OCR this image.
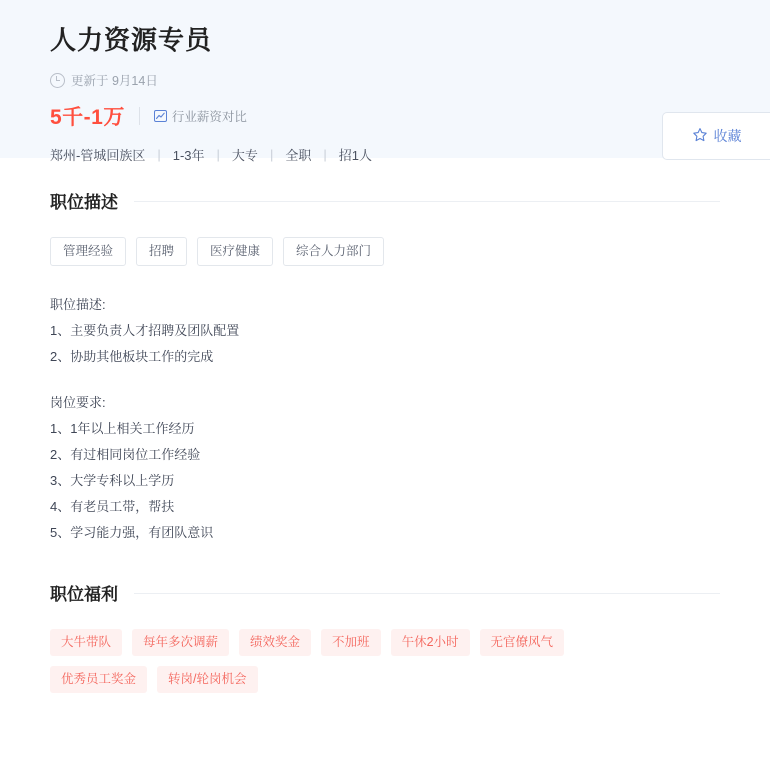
人力资源专员
更新于 9月14日
5千-1万	行业薪资对比
郑州-管城回族区 | 1-3年 | 大专 | 全职 | 招1人
收藏
职位描述
管理经验	招聘	医疗健康	综合人力部门

职位描述:

1、主要负责人才招聘及团队配置

2、协助其他板块工作的完成

岗位要求:

1、1年以上相关工作经历

2、有过相同岗位工作经验

3、大学专科以上学历

4、有老员工带，帮扶

5、学习能力强，有团队意识

职位福利
大牛带队	每年多次调薪	绩效奖金	不加班	午休2小时	无官僚风气
优秀员工奖金	转岗/轮岗机会
